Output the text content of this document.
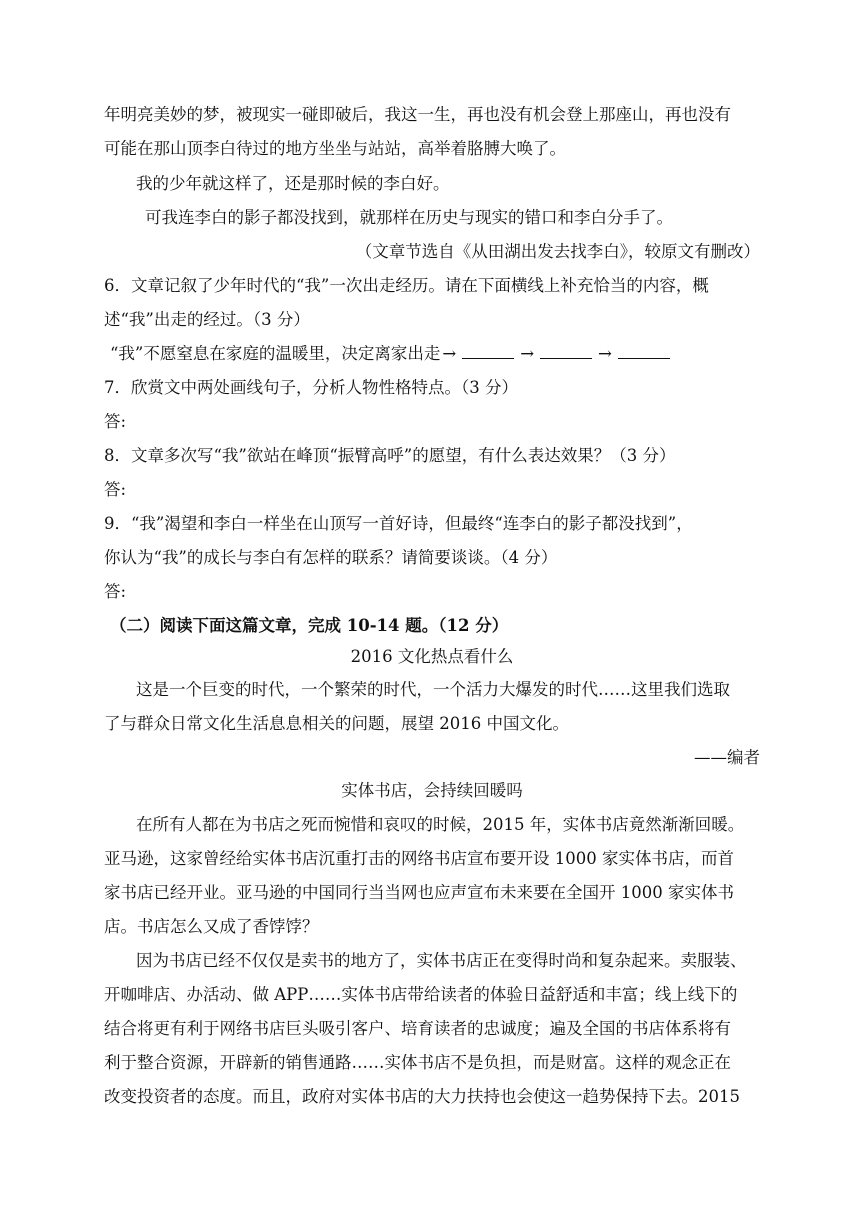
年明亮美妙的梦，被现实一碰即破后，我这一生，再也没有机会登上那座山，再也没有
可能在那山顶李白待过的地方坐坐与站站，高举着胳膊大唤了。
我的少年就这样了，还是那时候的李白好。
可我连李白的影子都没找到，就那样在历史与现实的错口和李白分手了。
（文章节选自《从田湖出发去找李白》，较原文有删改）
6．文章记叙了少年时代的“我”一次出走经历。请在下面横线上补充恰当的内容，概
述“我”出走的经过。（3 分）
“我”不愿窒息在家庭的温暖里，决定离家出走 →	→	→
7．欣赏文中两处画线句子，分析人物性格特点。（3 分）
答:
8．文章多次写“我”欲站在峰顶“振臂高呼”的愿望，有什么表达效果？（3 分）
答:
9．“我”渴望和李白一样坐在山顶写一首好诗，但最终“连李白的影子都没找到”，
你认为“我”的成长与李白有怎样的联系？请简要谈谈。（4 分）
答:
（二）阅读下面这篇文章，完成 10-14 题。（12 分）
2016 文化热点看什么
这是一个巨变的时代，一个繁荣的时代，一个活力大爆发的时代……这里我们选取
了与群众日常文化生活息息相关的问题，展望 2016 中国文化。
——编者
实体书店，会持续回暖吗
在所有人都在为书店之死而惋惜和哀叹的时候，2015 年，实体书店竟然渐渐回暖。
亚马逊，这家曾经给实体书店沉重打击的网络书店宣布要开设 1000 家实体书店，而首
家书店已经开业。亚马逊的中国同行当当网也应声宣布未来要在全国开 1000 家实体书
店。书店怎么又成了香饽饽？
因为书店已经不仅仅是卖书的地方了，实体书店正在变得时尚和复杂起来。卖服装、
开咖啡店、办活动、做 APP……实体书店带给读者的体验日益舒适和丰富；线上线下的
结合将更有利于网络书店巨头吸引客户、培育读者的忠诚度；遍及全国的书店体系将有
利于整合资源，开辟新的销售通路……实体书店不是负担，而是财富。这样的观念正在
改变投资者的态度。而且，政府对实体书店的大力扶持也会使这一趋势保持下去。2015
